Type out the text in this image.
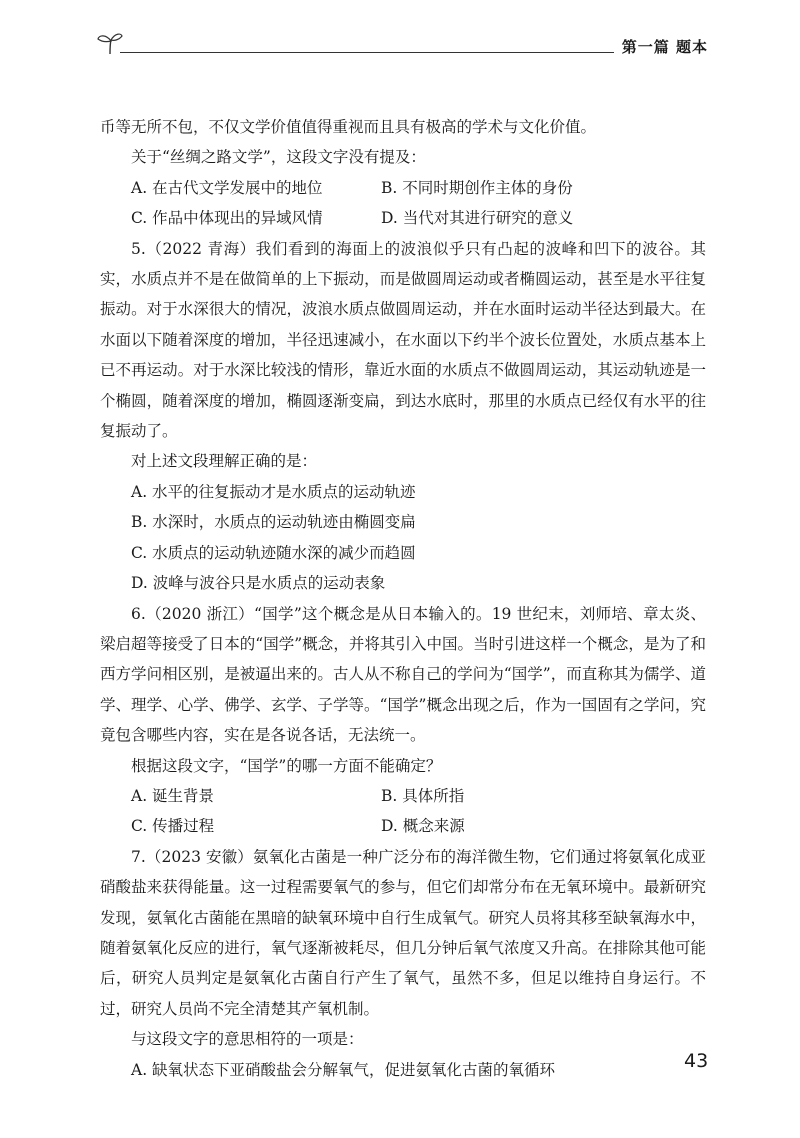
第一篇 题本
币等无所不包，不仅文学价值值得重视而且具有极高的学术与文化价值。
关于“丝绸之路文学”，这段文字没有提及：
A. 在古代文学发展中的地位	B. 不同时期创作主体的身份
C. 作品中体现出的异域风情	D. 当代对其进行研究的意义
5.（2022 青海）我们看到的海面上的波浪似乎只有凸起的波峰和凹下的波谷。其实，水质点并不是在做简单的上下振动，而是做圆周运动或者椭圆运动，甚至是水平往复振动。对于水深很大的情况，波浪水质点做圆周运动，并在水面时运动半径达到最大。在水面以下随着深度的增加，半径迅速减小，在水面以下约半个波长位置处，水质点基本上已不再运动。对于水深比较浅的情形，靠近水面的水质点不做圆周运动，其运动轨迹是一个椭圆，随着深度的增加，椭圆逐渐变扁，到达水底时，那里的水质点已经仅有水平的往复振动了。
对上述文段理解正确的是：
A. 水平的往复振动才是水质点的运动轨迹
B. 水深时，水质点的运动轨迹由椭圆变扁
C. 水质点的运动轨迹随水深的减少而趋圆
D. 波峰与波谷只是水质点的运动表象
6.（2020 浙江）“国学”这个概念是从日本输入的。19 世纪末，刘师培、章太炎、梁启超等接受了日本的“国学”概念，并将其引入中国。当时引进这样一个概念，是为了和西方学问相区别，是被逼出来的。古人从不称自己的学问为“国学”，而直称其为儒学、道学、理学、心学、佛学、玄学、子学等。“国学”概念出现之后，作为一国固有之学问，究竟包含哪些内容，实在是各说各话，无法统一。
根据这段文字，“国学”的哪一方面不能确定？
A. 诞生背景	B. 具体所指
C. 传播过程	D. 概念来源
7.（2023 安徽）氨氧化古菌是一种广泛分布的海洋微生物，它们通过将氨氧化成亚硝酸盐来获得能量。这一过程需要氧气的参与，但它们却常分布在无氧环境中。最新研究发现，氨氧化古菌能在黑暗的缺氧环境中自行生成氧气。研究人员将其移至缺氧海水中，随着氨氧化反应的进行，氧气逐渐被耗尽，但几分钟后氧气浓度又升高。在排除其他可能后，研究人员判定是氨氧化古菌自行产生了氧气，虽然不多，但足以维持自身运行。不过，研究人员尚不完全清楚其产氧机制。
与这段文字的意思相符的一项是：
A. 缺氧状态下亚硝酸盐会分解氧气，促进氨氧化古菌的氧循环	43
